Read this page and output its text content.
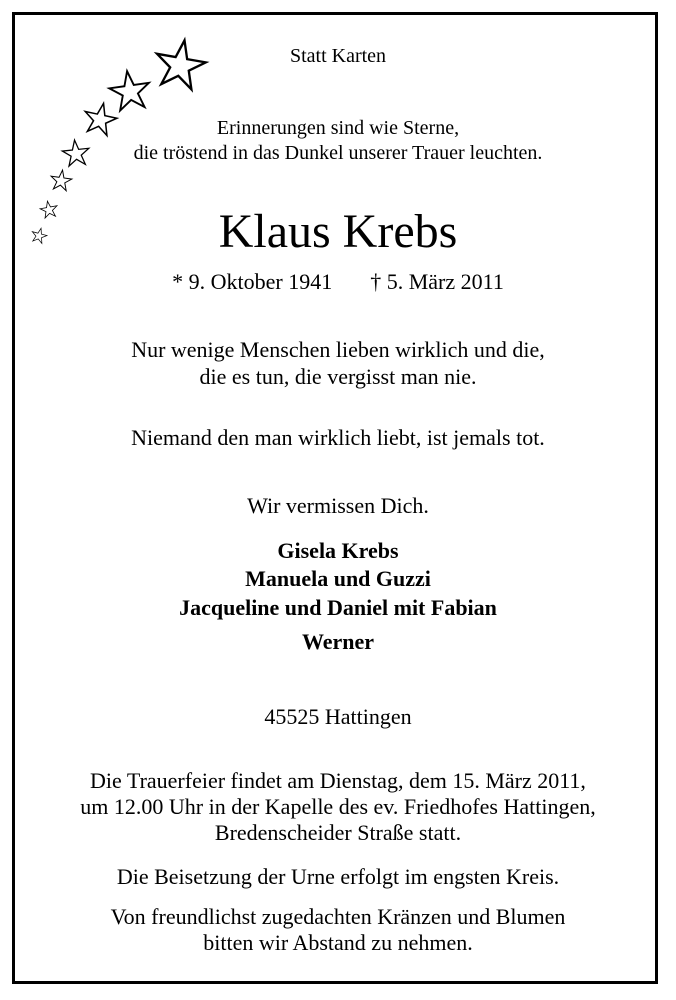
Statt Karten
Erinnerungen sind wie Sterne,
die tröstend in das Dunkel unserer Trauer leuchten.
Klaus Krebs
* 9. Oktober 1941 † 5. März 2011
Nur wenige Menschen lieben wirklich und die,
die es tun, die vergisst man nie.
Niemand den man wirklich liebt, ist jemals tot.
Wir vermissen Dich.
Gisela Krebs
Manuela und Guzzi
Jacqueline und Daniel mit Fabian
Werner
45525 Hattingen
Die Trauerfeier findet am Dienstag, dem 15. März 2011,
um 12.00 Uhr in der Kapelle des ev. Friedhofes Hattingen,
Bredenscheider Straße statt.
Die Beisetzung der Urne erfolgt im engsten Kreis.
Von freundlichst zugedachten Kränzen und Blumen
bitten wir Abstand zu nehmen.
